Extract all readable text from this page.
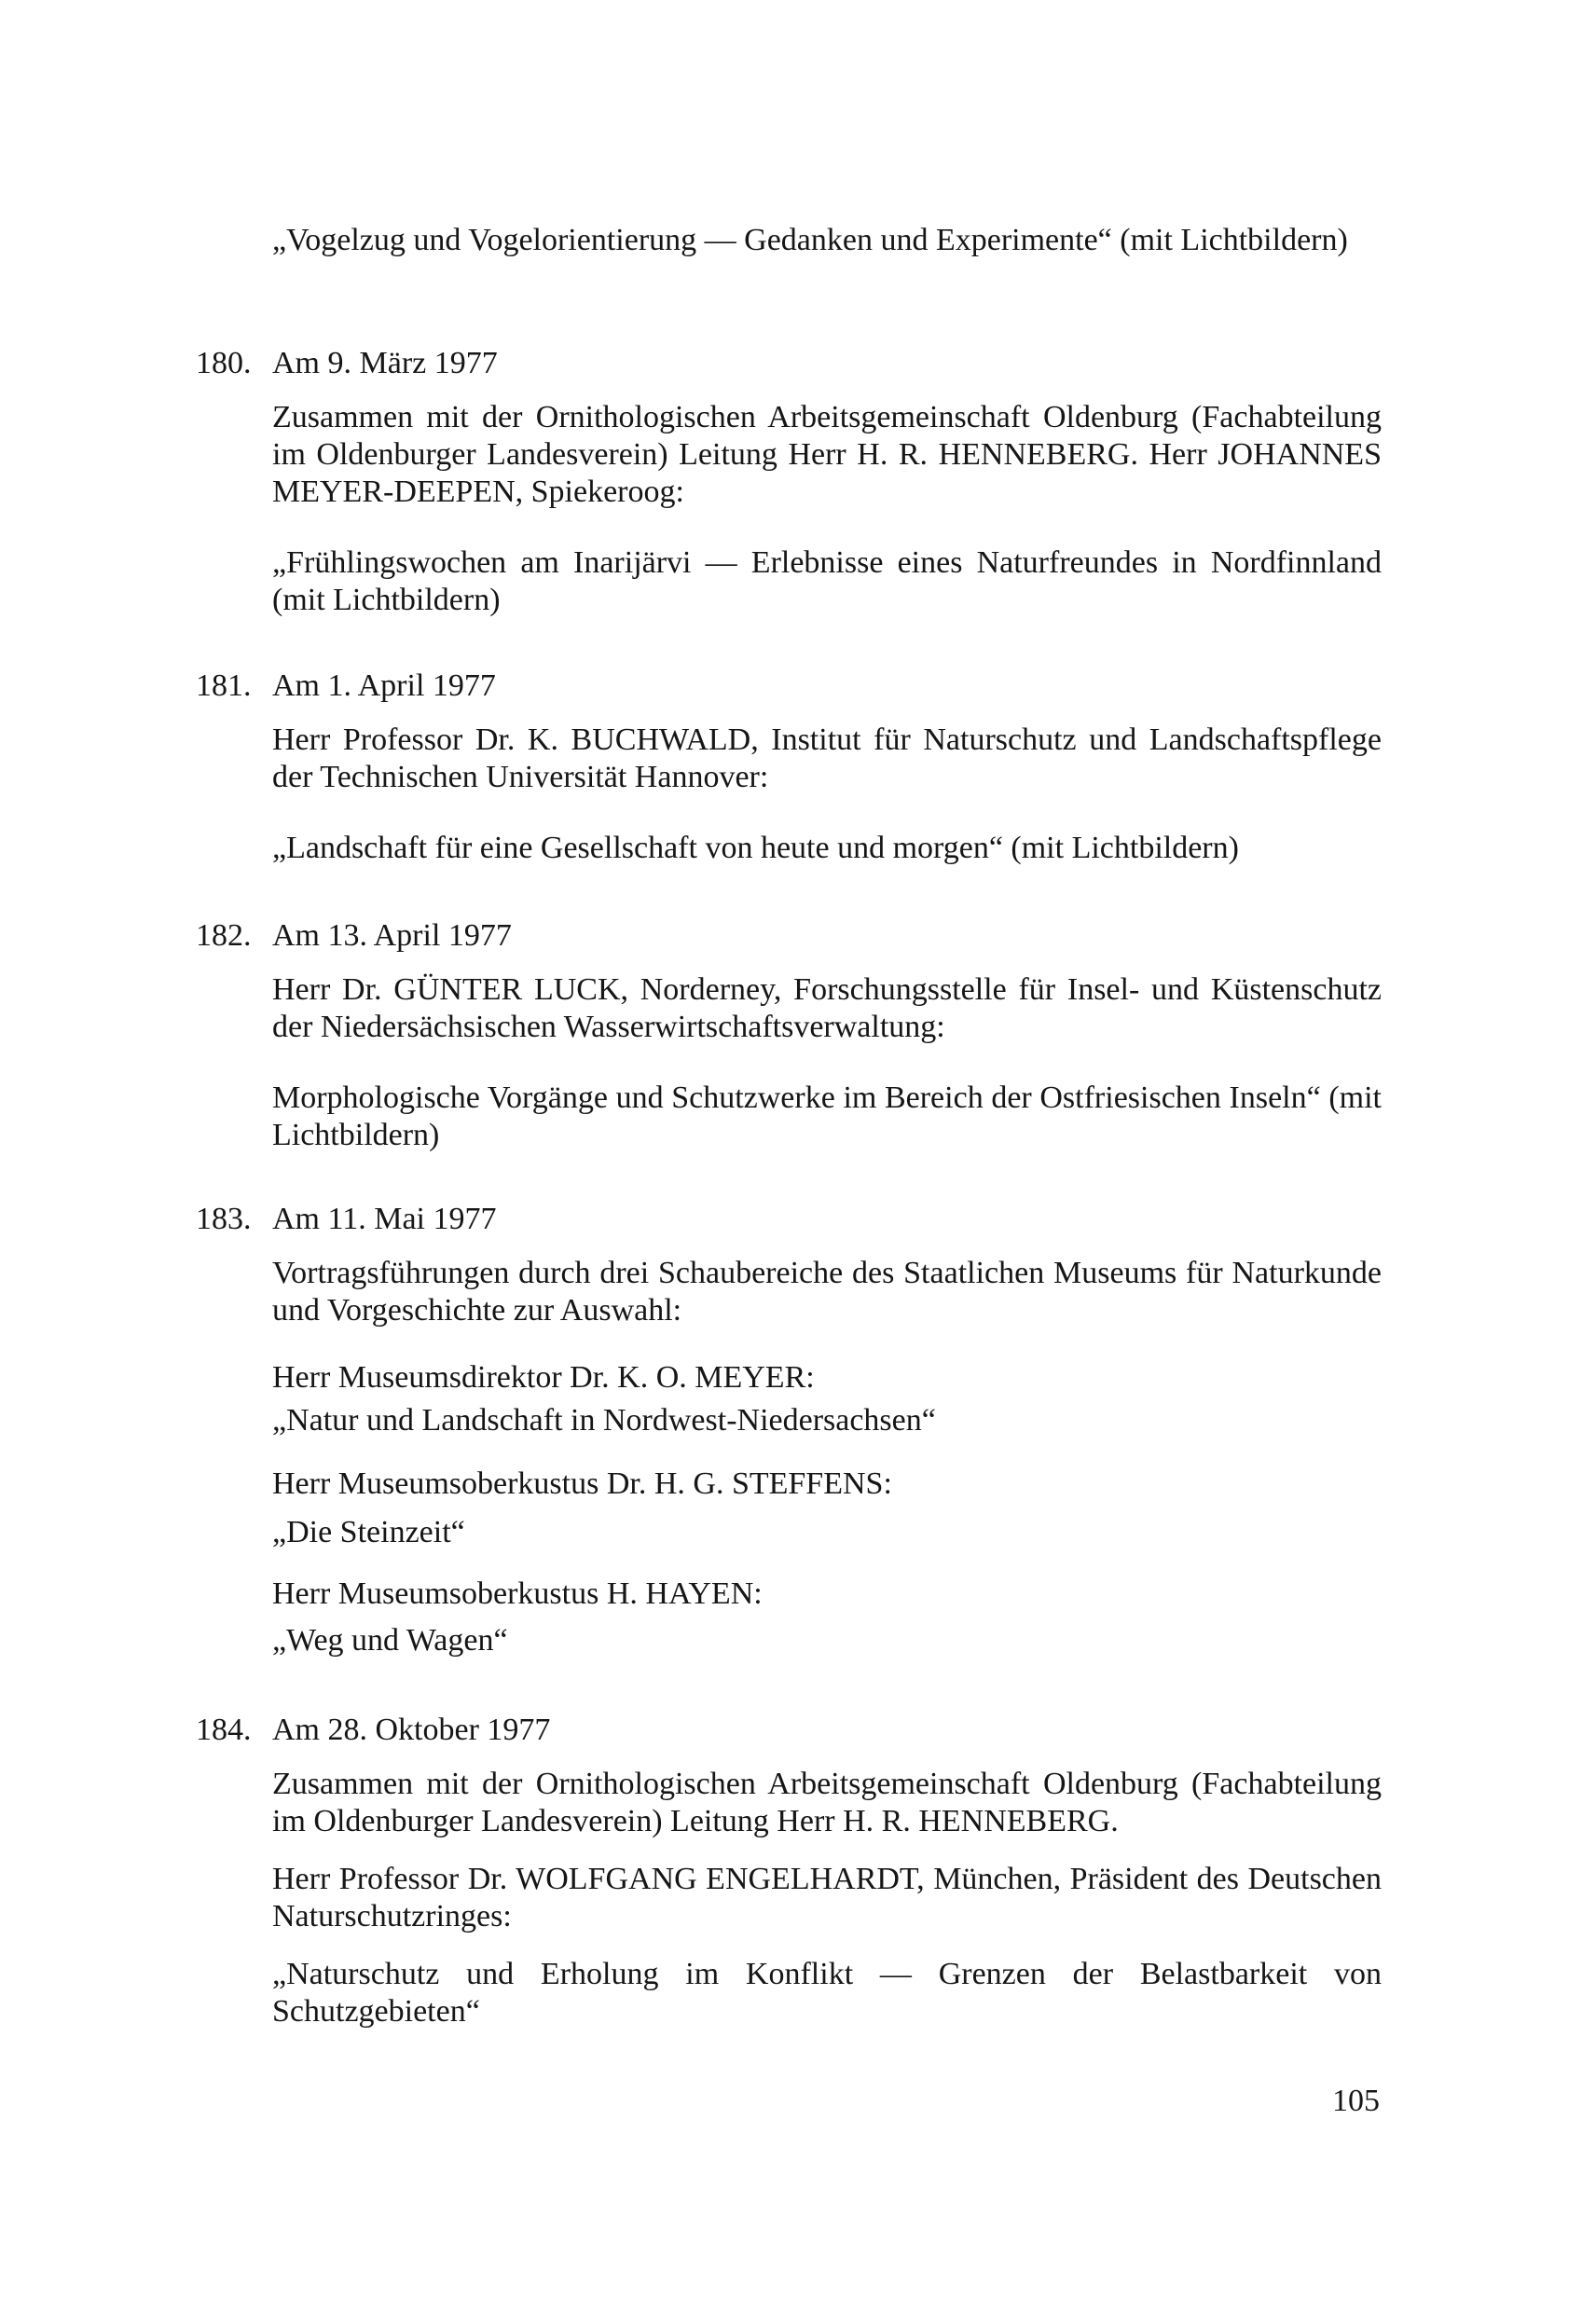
„Vogelzug und Vogelorientierung — Gedanken und Experimente“ (mit Lichtbildern)

180. Am 9. März 1977

Zusammen mit der Ornithologischen Arbeitsgemeinschaft Oldenburg (Fachabteilung im Oldenburger Landesverein) Leitung Herr H. R. HENNEBERG. Herr JOHANNES MEYER-DEEPEN, Spiekeroog:

„Frühlingswochen am Inarijärvi — Erlebnisse eines Naturfreundes in Nordfinnland (mit Lichtbildern)

181. Am 1. April 1977

Herr Professor Dr. K. BUCHWALD, Institut für Naturschutz und Landschaftspflege der Technischen Universität Hannover:

„Landschaft für eine Gesellschaft von heute und morgen“ (mit Lichtbildern)

182. Am 13. April 1977

Herr Dr. GÜNTER LUCK, Norderney, Forschungsstelle für Insel- und Küstenschutz der Niedersächsischen Wasserwirtschaftsverwaltung:

Morphologische Vorgänge und Schutzwerke im Bereich der Ostfriesischen Inseln“ (mit Lichtbildern)

183. Am 11. Mai 1977

Vortragsführungen durch drei Schaubereiche des Staatlichen Museums für Naturkunde und Vorgeschichte zur Auswahl:

Herr Museumsdirektor Dr. K. O. MEYER:

„Natur und Landschaft in Nordwest-Niedersachsen“

Herr Museumsoberkustus Dr. H. G. STEFFENS:

„Die Steinzeit“

Herr Museumsoberkustus H. HAYEN:

„Weg und Wagen“

184. Am 28. Oktober 1977

Zusammen mit der Ornithologischen Arbeitsgemeinschaft Oldenburg (Fachabteilung im Oldenburger Landesverein) Leitung Herr H. R. HENNEBERG.

Herr Professor Dr. WOLFGANG ENGELHARDT, München, Präsident des Deutschen Naturschutzringes:

„Naturschutz und Erholung im Konflikt — Grenzen der Belastbarkeit von Schutzgebieten“

105
